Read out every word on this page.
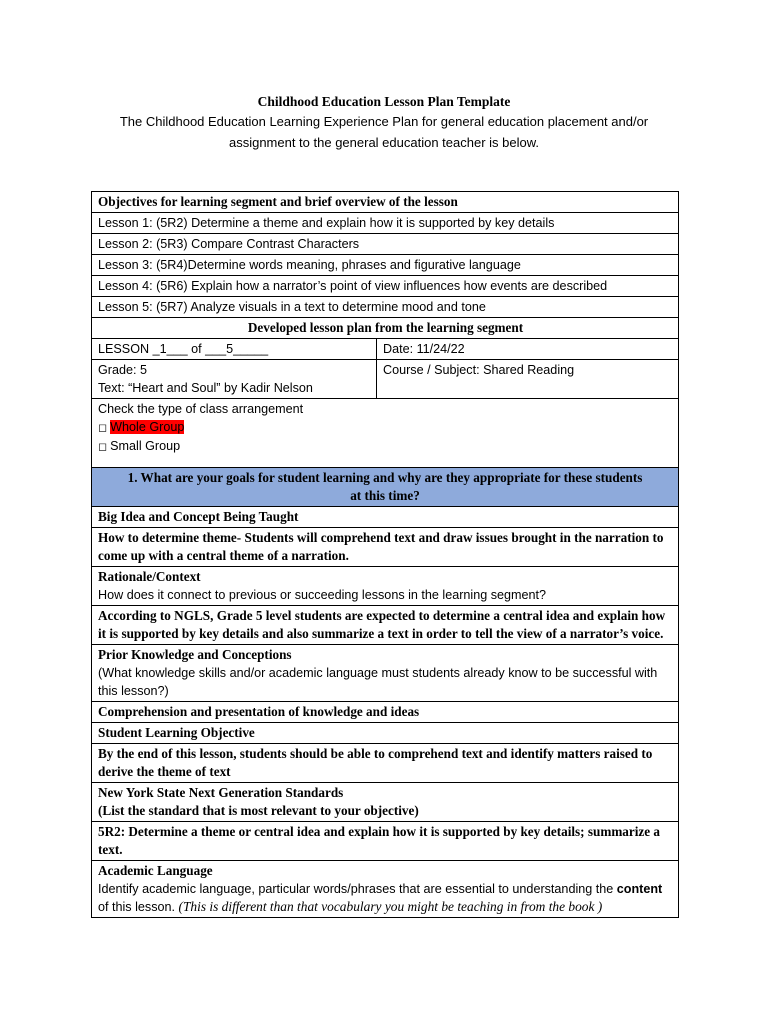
Childhood Education Lesson Plan Template
The Childhood Education Learning Experience Plan for general education placement and/or assignment to the general education teacher is below.
Objectives for learning segment and brief overview of the lesson	
Lesson 1: (5R2) Determine a theme and explain how it is supported by key details	
Lesson 2: (5R3) Compare Contrast Characters	
Lesson 3: (5R4)Determine words meaning, phrases and figurative language	
Lesson 4: (5R6) Explain how a narrator’s point of view influences how events are described	
Lesson 5: (5R7) Analyze visuals in a text to determine mood and tone	
Developed lesson plan from the learning segment	
LESSON _1___ of ___5_____	Date: 11/24/22

Grade: 5
Text: “Heart and Soul” by Kadir Nelson	Course / Subject: Shared Reading

Check the type of class arrangement
◻ Whole Group
◻ Small Group	

1. What are your goals for student learning and why are they appropriate for these students at this time?	
Big Idea and Concept Being Taught	
How to determine theme- Students will comprehend text and draw issues brought in the narration to come up with a central theme of a narration.	

Rationale/Context
How does it connect to previous or succeeding lessons in the learning segment?	

According to NGLS, Grade 5 level students are expected to determine a central idea and explain how it is supported by key details and also summarize a text in order to tell the view of a narrator’s voice.	

Prior Knowledge and Conceptions
(What knowledge skills and/or academic language must students already know to be successful with this lesson?)	

Comprehension and presentation of knowledge and ideas	
Student Learning Objective	
By the end of this lesson, students should be able to comprehend text and identify matters raised to derive the theme of text	

New York State Next Generation Standards
(List the standard that is most relevant to your objective)	

5R2: Determine a theme or central idea and explain how it is supported by key details; summarize a text.	

Academic Language
Identify academic language, particular words/phrases that are essential to understanding the content of this lesson. (This is different than that vocabulary you might be teaching in from the book )	
